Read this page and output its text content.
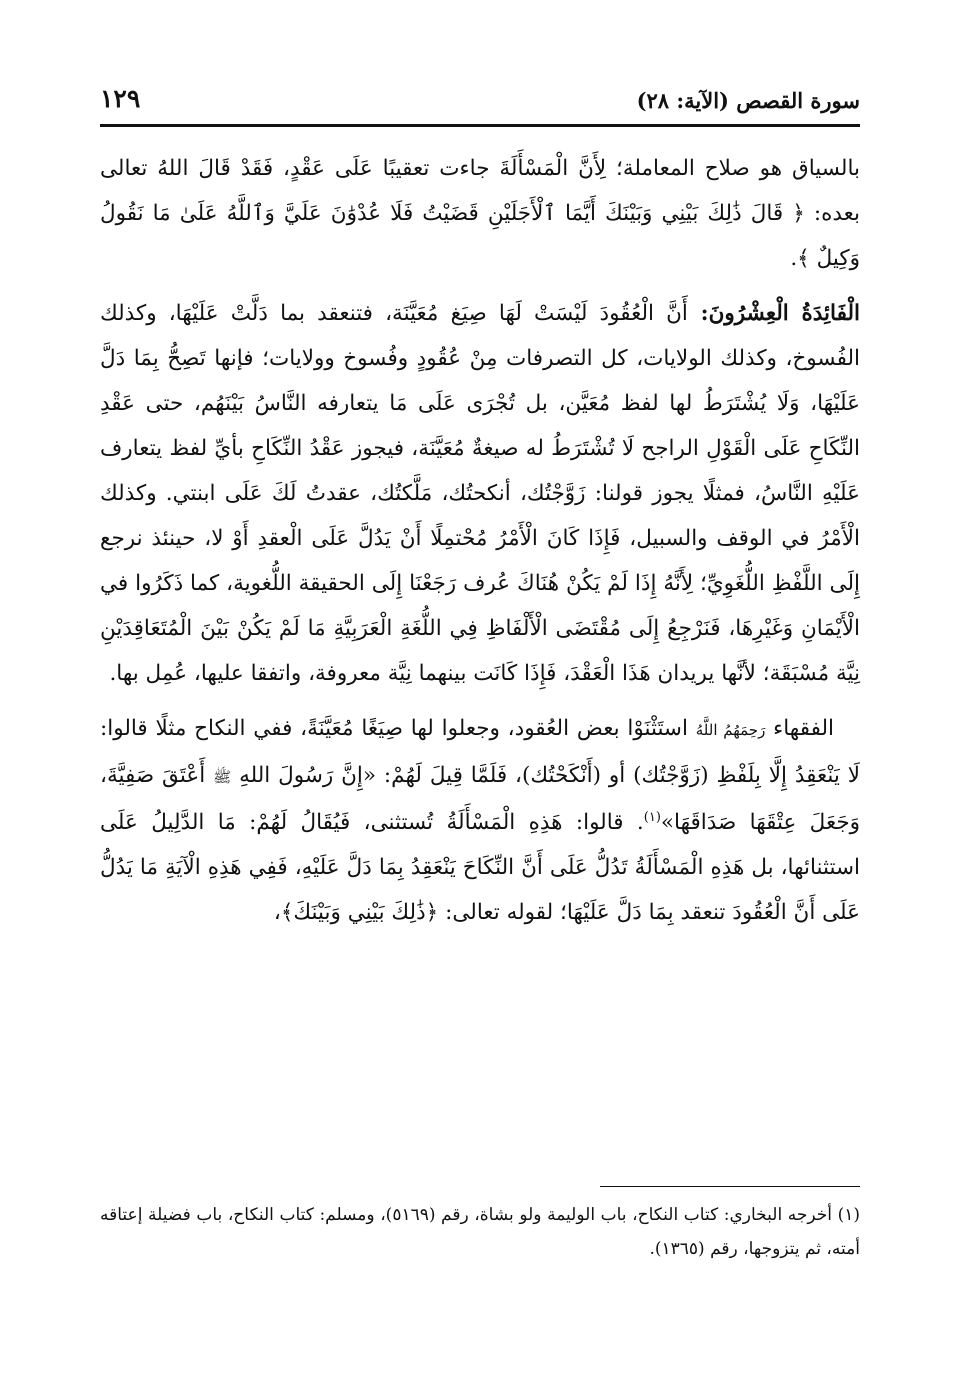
سورة القصص (الآية: ٢٨)
١٢٩

بالسياق هو صلاح المعاملة؛ لِأَنَّ الْمَسْأَلَةَ جاءت تعقيبًا عَلَى عَقْدٍ، فَقَدْ قَالَ اللهُ تعالى بعده: ﴿ قَالَ ذَٰلِكَ بَيْنِي وَبَيْنَكَ أَيَّمَا ٱلْأَجَلَيْنِ قَضَيْتُ فَلَا عُدْوَٰنَ عَلَيَّ وَٱللَّهُ عَلَىٰ مَا نَقُولُ وَكِيلٌ ﴾.

الْفَائِدَةُ الْعِشْرُونَ: أَنَّ الْعُقُودَ لَيْسَتْ لَهَا صِيَغ مُعَيَّنَة، فتنعقد بما دَلَّتْ عَلَيْهَا، وكذلك الفُسوخ، وكذلك الولايات، كل التصرفات مِنْ عُقُودٍ وفُسوخ وولايات؛ فإنها تَصِحُّ بِمَا دَلَّ عَلَيْهَا، وَلَا يُشْتَرَطُ لها لفظ مُعَيَّن، بل تُجْرَى عَلَى مَا يتعارفه النَّاسُ بَيْنَهُم، حتى عَقْدِ النِّكَاحِ عَلَى الْقَوْلِ الراجح لَا تُشْتَرَطُ له صيغةٌ مُعَيَّنَة، فيجوز عَقْدُ النِّكَاحِ بأيِّ لفظ يتعارف عَلَيْهِ النَّاسُ، فمثلًا يجوز قولنا: زَوَّجْتُك، أنكحتُك، مَلَّكتُك، عقدتُ لَكَ عَلَى ابنتي. وكذلك الْأَمْرُ في الوقف والسبيل، فَإِذَا كَانَ الْأَمْرُ مُحْتمِلًا أَنْ يَدُلَّ عَلَى الْعقدِ أَوْ لا، حينئذ نرجع إِلَى اللَّفْظِ اللُّغَوِيِّ؛ لِأَنَّهُ إِذَا لَمْ يَكُنْ هُنَاكَ عُرف رَجَعْنَا إِلَى الحقيقة اللُّغوية، كما ذَكَرُوا في الْأَيْمَانِ وَغَيْرِهَا، فَنَرْجِعُ إِلَى مُقْتَضَى الْأَلْفَاظِ فِي اللُّغَةِ الْعَرَبِيَّةِ مَا لَمْ يَكُنْ بَيْنَ الْمُتَعَاقِدَيْنِ نِيَّة مُسْبَقَة؛ لأنَّها يريدان هَذَا الْعَقْدَ، فَإِذَا كَانَت بينهما نِيَّة معروفة، واتفقا عليها، عُمِل بها.

الفقهاء رَحِمَهُمُ اللَّهُ استَثْنَوْا بعض العُقود، وجعلوا لها صِيَغًا مُعَيَّنَةً، ففي النكاح مثلًا قالوا: لَا يَنْعَقِدُ إِلَّا بِلَفْظِ (زَوَّجْتُك) أو (أَنْكَحْتُك)، فَلَمَّا قِيلَ لَهُمْ: «إِنَّ رَسُولَ اللهِ ﷺ أَعْتَقَ صَفِيَّةَ، وَجَعَلَ عِتْقَهَا صَدَاقَهَا»$^{(١)}$. قالوا: هَذِهِ الْمَسْأَلَةُ تُستثنى، فَيُقَالُ لَهُمْ: مَا الدَّلِيلُ عَلَى استثنائها، بل هَذِهِ الْمَسْأَلَةُ تَدُلُّ عَلَى أَنَّ النِّكَاحَ يَنْعَقِدُ بِمَا دَلَّ عَلَيْهِ، فَفِي هَذِهِ الْآيَةِ مَا يَدُلُّ عَلَى أَنَّ الْعُقُودَ تنعقد بِمَا دَلَّ عَلَيْهَا؛ لقوله تعالى: ﴿ذَٰلِكَ بَيْنِي وَبَيْنَكَ﴾،

(١) أخرجه البخاري: كتاب النكاح، باب الوليمة ولو بشاة، رقم (٥١٦٩)، ومسلم: كتاب النكاح، باب فضيلة إعتاقه أمته، ثم يتزوجها، رقم (١٣٦٥).
